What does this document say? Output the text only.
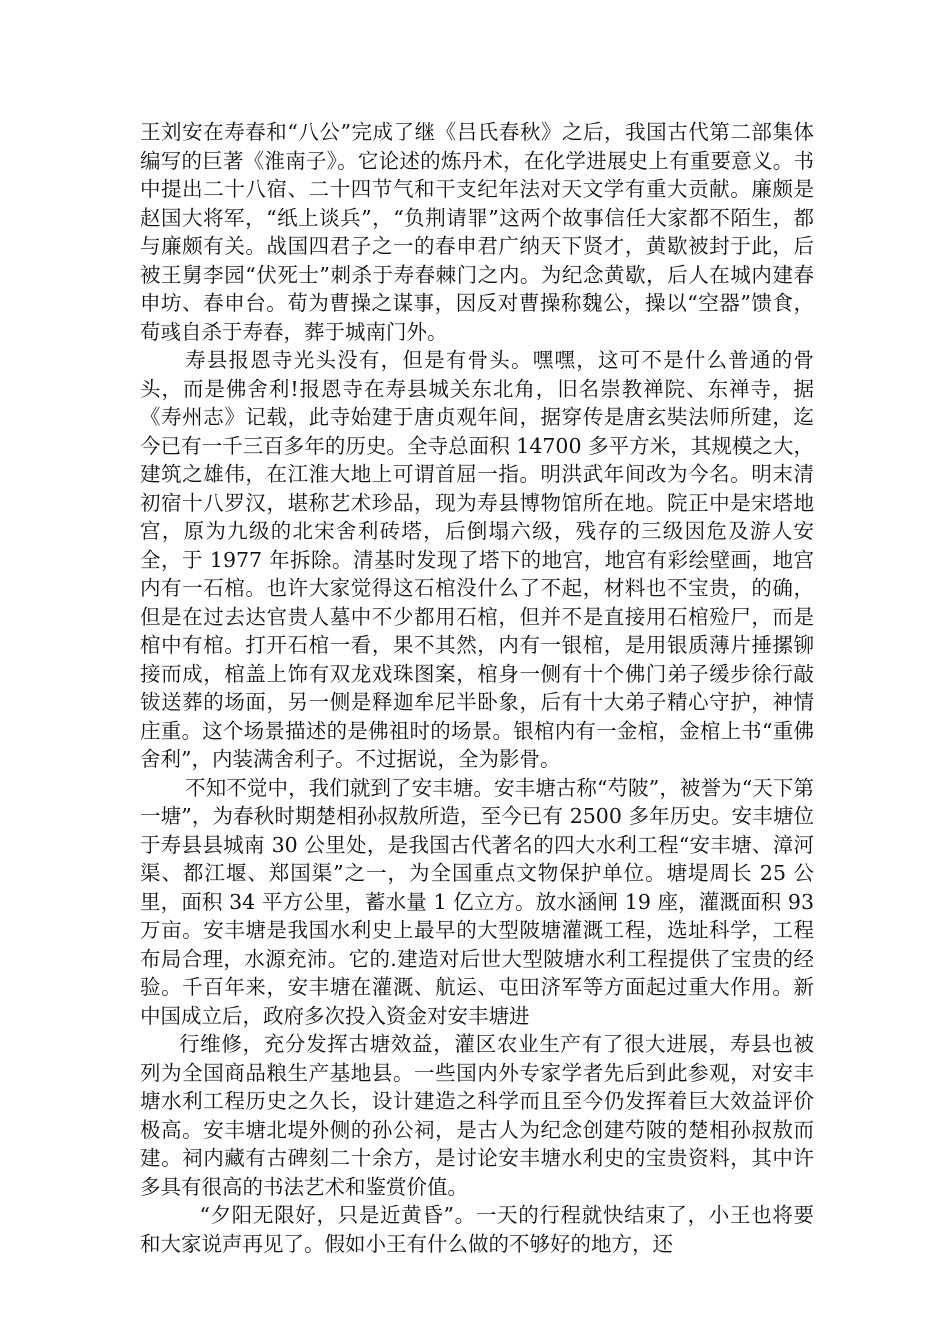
王刘安在寿春和“八公”完成了继《吕氏春秋》之后，我国古代第二部集体编写的巨著《淮南子》。它论述的炼丹术，在化学进展史上有重要意义。书中提出二十八宿、二十四节气和干支纪年法对天文学有重大贡献。廉颇是赵国大将军，“纸上谈兵”，“负荆请罪”这两个故事信任大家都不陌生，都与廉颇有关。战国四君子之一的春申君广纳天下贤才，黄歇被封于此，后被王舅李园“伏死士”刺杀于寿春棘门之内。为纪念黄歇，后人在城内建春申坊、春申台。荀为曹操之谋事，因反对曹操称魏公，操以“空器”馈食，荀彧自杀于寿春，葬于城南门外。

寿县报恩寺光头没有，但是有骨头。嘿嘿，这可不是什么普通的骨头，而是佛舍利!报恩寺在寿县城关东北角，旧名崇教禅院、东禅寺，据《寿州志》记载，此寺始建于唐贞观年间，据穿传是唐玄奘法师所建，迄今已有一千三百多年的历史。全寺总面积 14700 多平方米，其规模之大，建筑之雄伟，在江淮大地上可谓首屈一指。明洪武年间改为今名。明末清初宿十八罗汉，堪称艺术珍品，现为寿县博物馆所在地。院正中是宋塔地宫，原为九级的北宋舍利砖塔，后倒塌六级，残存的三级因危及游人安全，于 1977 年拆除。清基时发现了塔下的地宫，地宫有彩绘壁画，地宫内有一石棺。也许大家觉得这石棺没什么了不起，材料也不宝贵，的确，但是在过去达官贵人墓中不少都用石棺，但并不是直接用石棺殓尸，而是棺中有棺。打开石棺一看，果不其然，内有一银棺，是用银质薄片捶摞铆接而成，棺盖上饰有双龙戏珠图案，棺身一侧有十个佛门弟子缓步徐行敲钹送葬的场面，另一侧是释迦牟尼半卧象，后有十大弟子精心守护，神情庄重。这个场景描述的是佛祖时的场景。银棺内有一金棺，金棺上书“重佛舍利”，内装满舍利子。不过据说，全为影骨。

不知不觉中，我们就到了安丰塘。安丰塘古称“芍陂”，被誉为“天下第一塘”，为春秋时期楚相孙叔敖所造，至今已有 2500 多年历史。安丰塘位于寿县县城南 30 公里处，是我国古代著名的四大水利工程“安丰塘、漳河渠、都江堰、郑国渠”之一，为全国重点文物保护单位。塘堤周长 25 公里，面积 34 平方公里，蓄水量 1 亿立方。放水涵闸 19 座，灌溉面积 93 万亩。安丰塘是我国水利史上最早的大型陂塘灌溉工程，选址科学，工程布局合理，水源充沛。它的.建造对后世大型陂塘水利工程提供了宝贵的经验。千百年来，安丰塘在灌溉、航运、屯田济军等方面起过重大作用。新中国成立后，政府多次投入资金对安丰塘进

行维修，充分发挥古塘效益，灌区农业生产有了很大进展，寿县也被列为全国商品粮生产基地县。一些国内外专家学者先后到此参观，对安丰塘水利工程历史之久长，设计建造之科学而且至今仍发挥着巨大效益评价极高。安丰塘北堤外侧的孙公祠，是古人为纪念创建芍陂的楚相孙叔敖而建。祠内藏有古碑刻二十余方，是讨论安丰塘水利史的宝贵资料，其中许多具有很高的书法艺术和鉴赏价值。

“夕阳无限好，只是近黄昏”。一天的行程就快结束了，小王也将要和大家说声再见了。假如小王有什么做的不够好的地方，还
